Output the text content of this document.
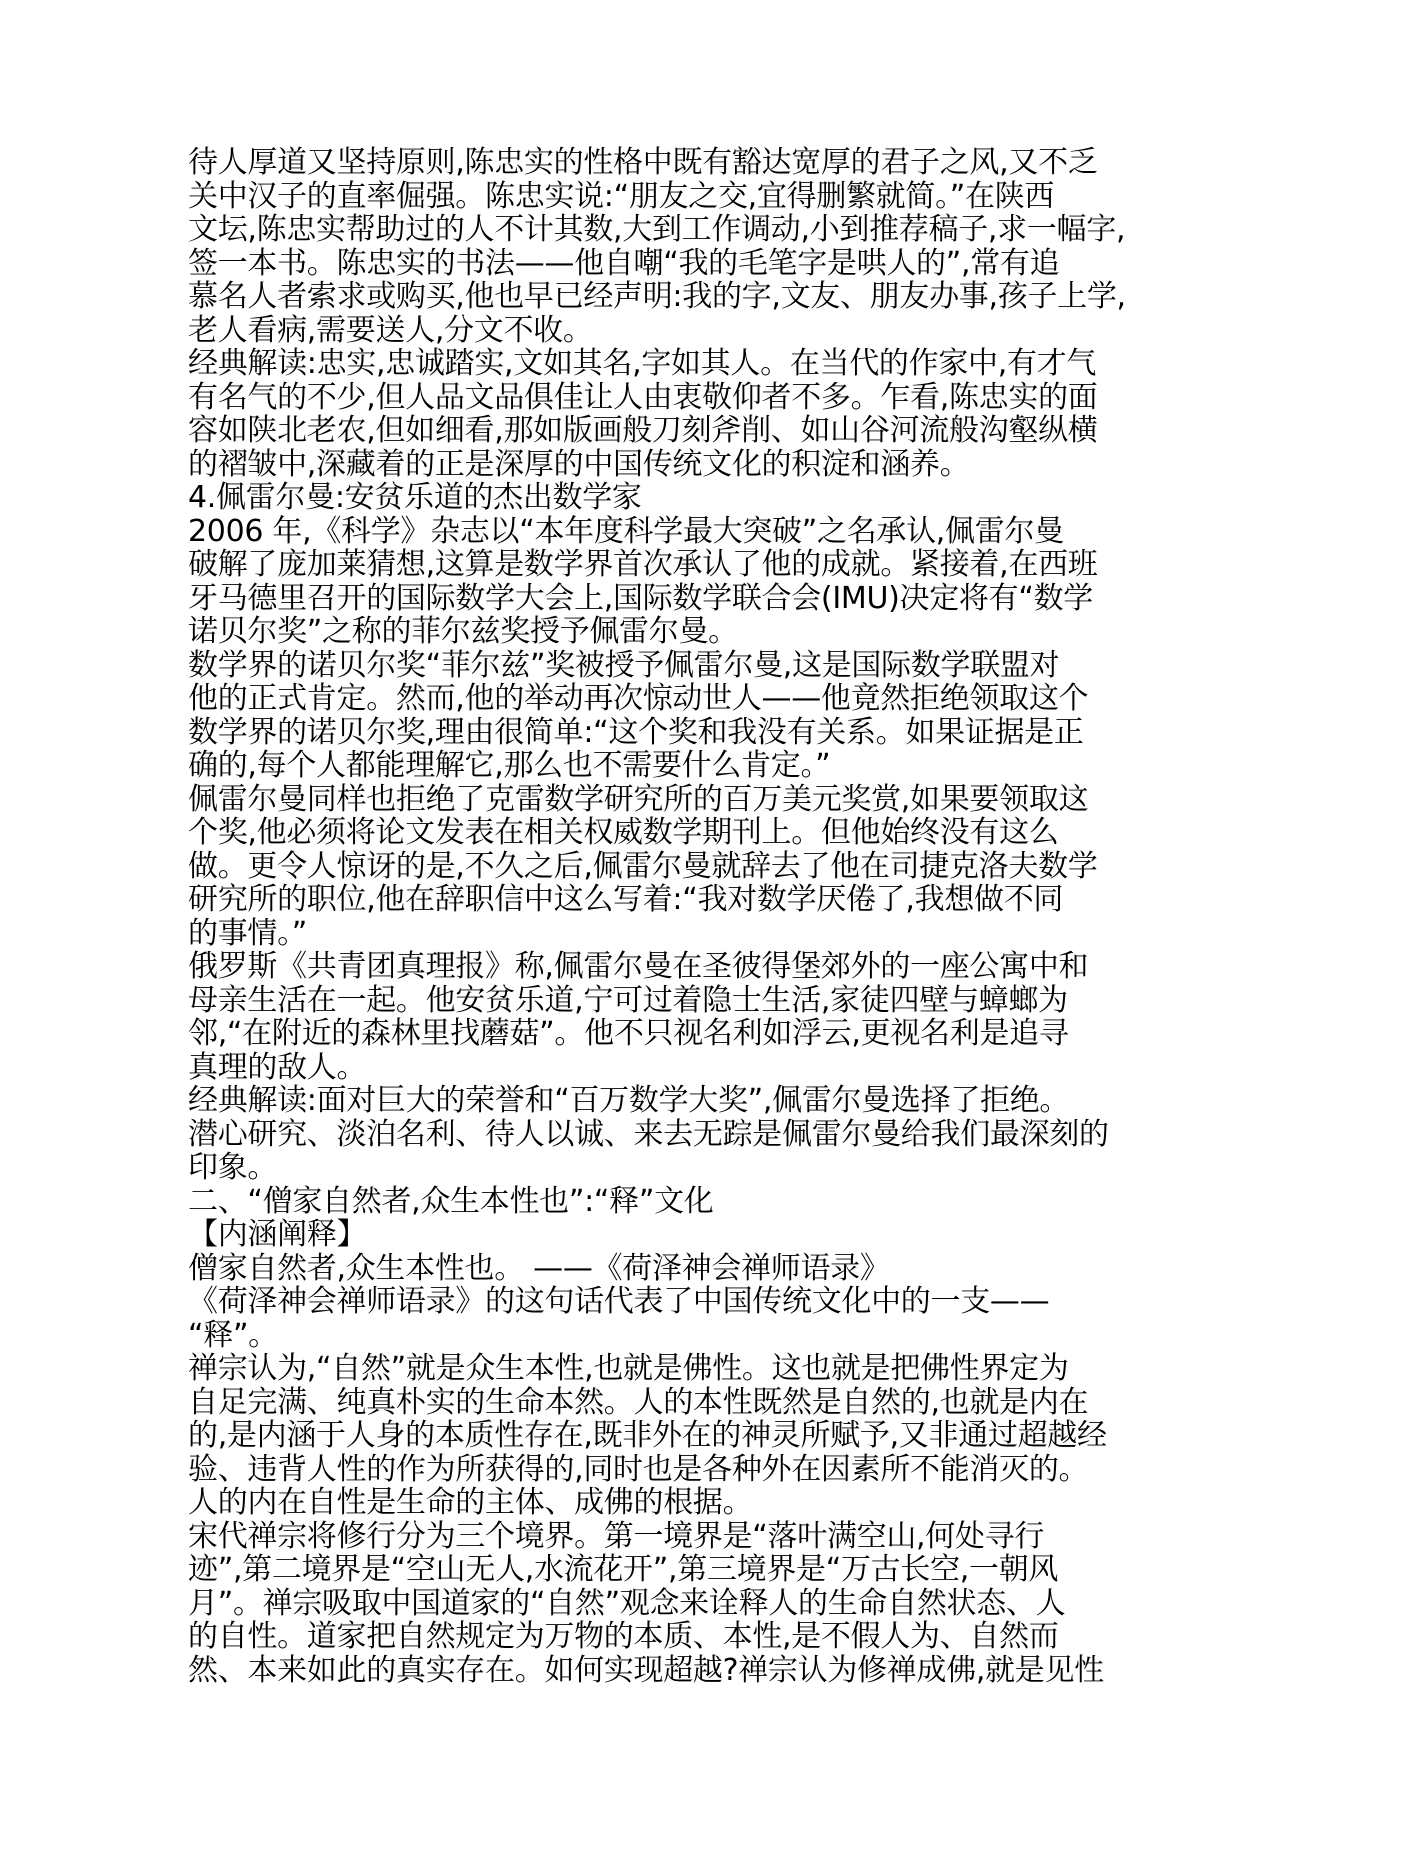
待人厚道又坚持原则,陈忠实的性格中既有豁达宽厚的君子之风,又不乏
关中汉子的直率倔强。陈忠实说:“朋友之交,宜得删繁就简。”在陕西
文坛,陈忠实帮助过的人不计其数,大到工作调动,小到推荐稿子,求一幅字,
签一本书。陈忠实的书法——他自嘲“我的毛笔字是哄人的”,常有追
慕名人者索求或购买,他也早已经声明:我的字,文友、朋友办事,孩子上学,
老人看病,需要送人,分文不收。
经典解读:忠实,忠诚踏实,文如其名,字如其人。在当代的作家中,有才气
有名气的不少,但人品文品俱佳让人由衷敬仰者不多。乍看,陈忠实的面
容如陕北老农,但如细看,那如版画般刀刻斧削、如山谷河流般沟壑纵横
的褶皱中,深藏着的正是深厚的中国传统文化的积淀和涵养。
4.佩雷尔曼:安贫乐道的杰出数学家
2006 年,《科学》杂志以“本年度科学最大突破”之名承认,佩雷尔曼
破解了庞加莱猜想,这算是数学界首次承认了他的成就。紧接着,在西班
牙马德里召开的国际数学大会上,国际数学联合会(IMU)决定将有“数学
诺贝尔奖”之称的菲尔兹奖授予佩雷尔曼。
数学界的诺贝尔奖“菲尔兹”奖被授予佩雷尔曼,这是国际数学联盟对
他的正式肯定。然而,他的举动再次惊动世人——他竟然拒绝领取这个
数学界的诺贝尔奖,理由很简单:“这个奖和我没有关系。如果证据是正
确的,每个人都能理解它,那么也不需要什么肯定。”
佩雷尔曼同样也拒绝了克雷数学研究所的百万美元奖赏,如果要领取这
个奖,他必须将论文发表在相关权威数学期刊上。但他始终没有这么
做。更令人惊讶的是,不久之后,佩雷尔曼就辞去了他在司捷克洛夫数学
研究所的职位,他在辞职信中这么写着:“我对数学厌倦了,我想做不同
的事情。”
俄罗斯《共青团真理报》称,佩雷尔曼在圣彼得堡郊外的一座公寓中和
母亲生活在一起。他安贫乐道,宁可过着隐士生活,家徒四壁与蟑螂为
邻,“在附近的森林里找蘑菇”。他不只视名利如浮云,更视名利是追寻
真理的敌人。
经典解读:面对巨大的荣誉和“百万数学大奖”,佩雷尔曼选择了拒绝。
潜心研究、淡泊名利、待人以诚、来去无踪是佩雷尔曼给我们最深刻的
印象。
二、“僧家自然者,众生本性也”:“释”文化
【内涵阐释】
僧家自然者,众生本性也。 ——《荷泽神会禅师语录》
《荷泽神会禅师语录》的这句话代表了中国传统文化中的一支——
“释”。
禅宗认为,“自然”就是众生本性,也就是佛性。这也就是把佛性界定为
自足完满、纯真朴实的生命本然。人的本性既然是自然的,也就是内在
的,是内涵于人身的本质性存在,既非外在的神灵所赋予,又非通过超越经
验、违背人性的作为所获得的,同时也是各种外在因素所不能消灭的。
人的内在自性是生命的主体、成佛的根据。
宋代禅宗将修行分为三个境界。第一境界是“落叶满空山,何处寻行
迹”,第二境界是“空山无人,水流花开”,第三境界是“万古长空,一朝风
月”。禅宗吸取中国道家的“自然”观念来诠释人的生命自然状态、人
的自性。道家把自然规定为万物的本质、本性,是不假人为、自然而
然、本来如此的真实存在。如何实现超越?禅宗认为修禅成佛,就是见性
